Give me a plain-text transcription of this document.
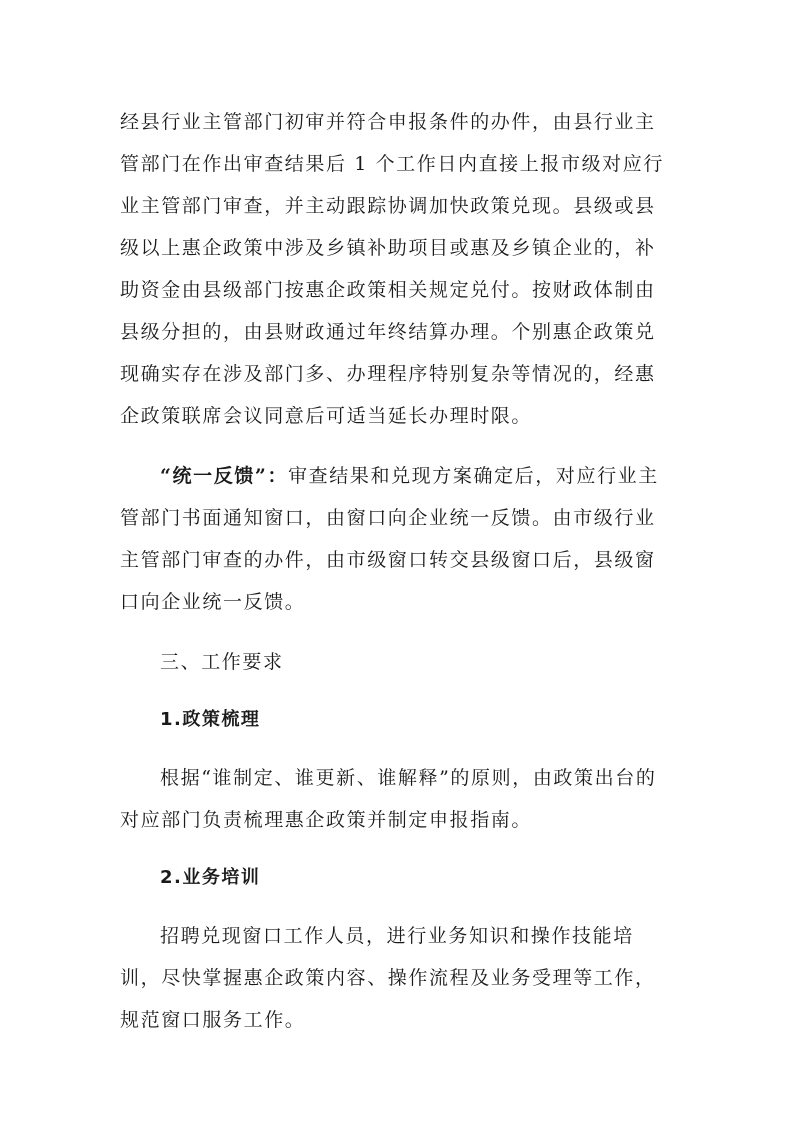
经县行业主管部门初审并符合申报条件的办件，由县行业主
管部门在作出审查结果后 1 个工作日内直接上报市级对应行
业主管部门审查，并主动跟踪协调加快政策兑现。县级或县
级以上惠企政策中涉及乡镇补助项目或惠及乡镇企业的，补
助资金由县级部门按惠企政策相关规定兑付。按财政体制由
县级分担的，由县财政通过年终结算办理。个别惠企政策兑
现确实存在涉及部门多、办理程序特别复杂等情况的，经惠
企政策联席会议同意后可适当延长办理时限。
“统一反馈”：审查结果和兑现方案确定后，对应行业主
管部门书面通知窗口，由窗口向企业统一反馈。由市级行业
主管部门审查的办件，由市级窗口转交县级窗口后，县级窗
口向企业统一反馈。
三、工作要求
1.政策梳理
根据“谁制定、谁更新、谁解释”的原则，由政策出台的
对应部门负责梳理惠企政策并制定申报指南。
2.业务培训
招聘兑现窗口工作人员，进行业务知识和操作技能培
训，尽快掌握惠企政策内容、操作流程及业务受理等工作，
规范窗口服务工作。
